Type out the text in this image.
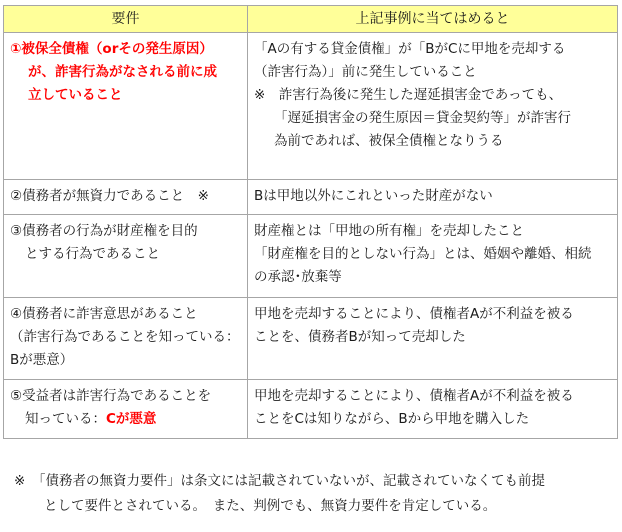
要件	上記事例に当てはめると

①被保全債権（orその発生原因）
が、詐害行為がなされる前に成
立していること	「Aの有する貸金債権」が「BがCに甲地を売却する
（詐害行為）」前に発生していること
※　詐害行為後に発生した遅延損害金であっても、
「遅延損害金の発生原因＝貸金契約等」が詐害行
為前であれば、被保全債権となりうる

②債務者が無資力であること　※	Bは甲地以外にこれといった財産がない

③債務者の行為が財産権を目的
とする行為であること	財産権とは「甲地の所有権」を売却したこと
「財産権を目的としない行為」とは、婚姻や離婚、相続
の承認･放棄等

④債務者に詐害意思があること
（詐害行為であることを知っている：
Bが悪意）	甲地を売却することにより、債権者Aが不利益を被る
ことを、債務者Bが知って売却した

⑤受益者は詐害行為であることを
知っている：Cが悪意	甲地を売却することにより、債権者Aが不利益を被る
ことをCは知りながら、Bから甲地を購入した
※　「債務者の無資力要件」は条文には記載されていないが、記載されていなくても前提
として要件とされている。　また、判例でも、無資力要件を肯定している。
